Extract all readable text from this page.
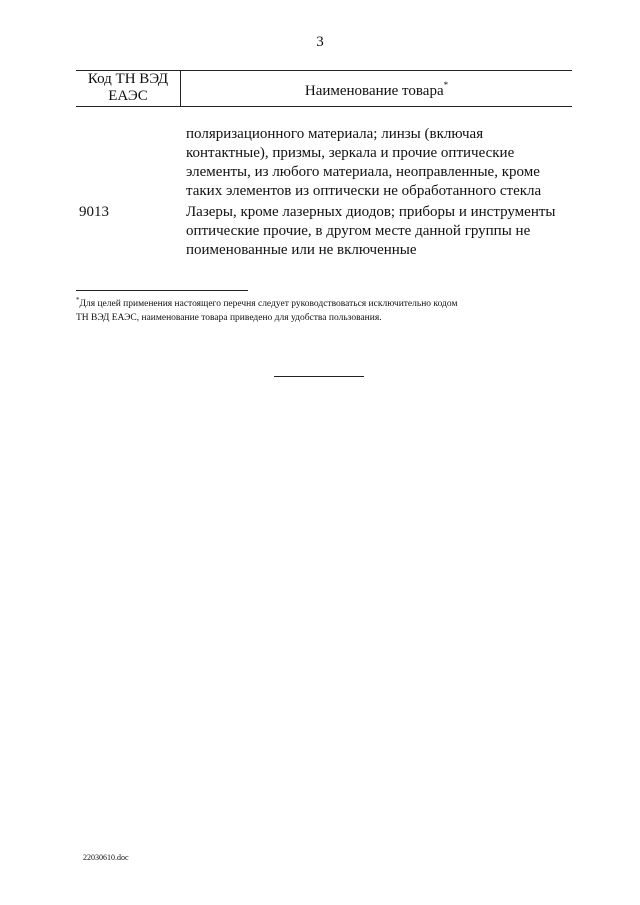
3
Код ТН ВЭД
ЕАЭС	Наименование товара*
поляризационного материала; линзы (включая
контактные), призмы, зеркала и прочие оптические
элементы, из любого материала, неоправленные, кроме
таких элементов из оптически не обработанного стекла
9013	Лазеры, кроме лазерных диодов; приборы и инструменты
оптические прочие, в другом месте данной группы не
поименованные или не включенные
*Для целей применения настоящего перечня следует руководствоваться исключительно кодом
ТН ВЭД ЕАЭС, наименование товара приведено для удобства пользования.
22030610.doc
